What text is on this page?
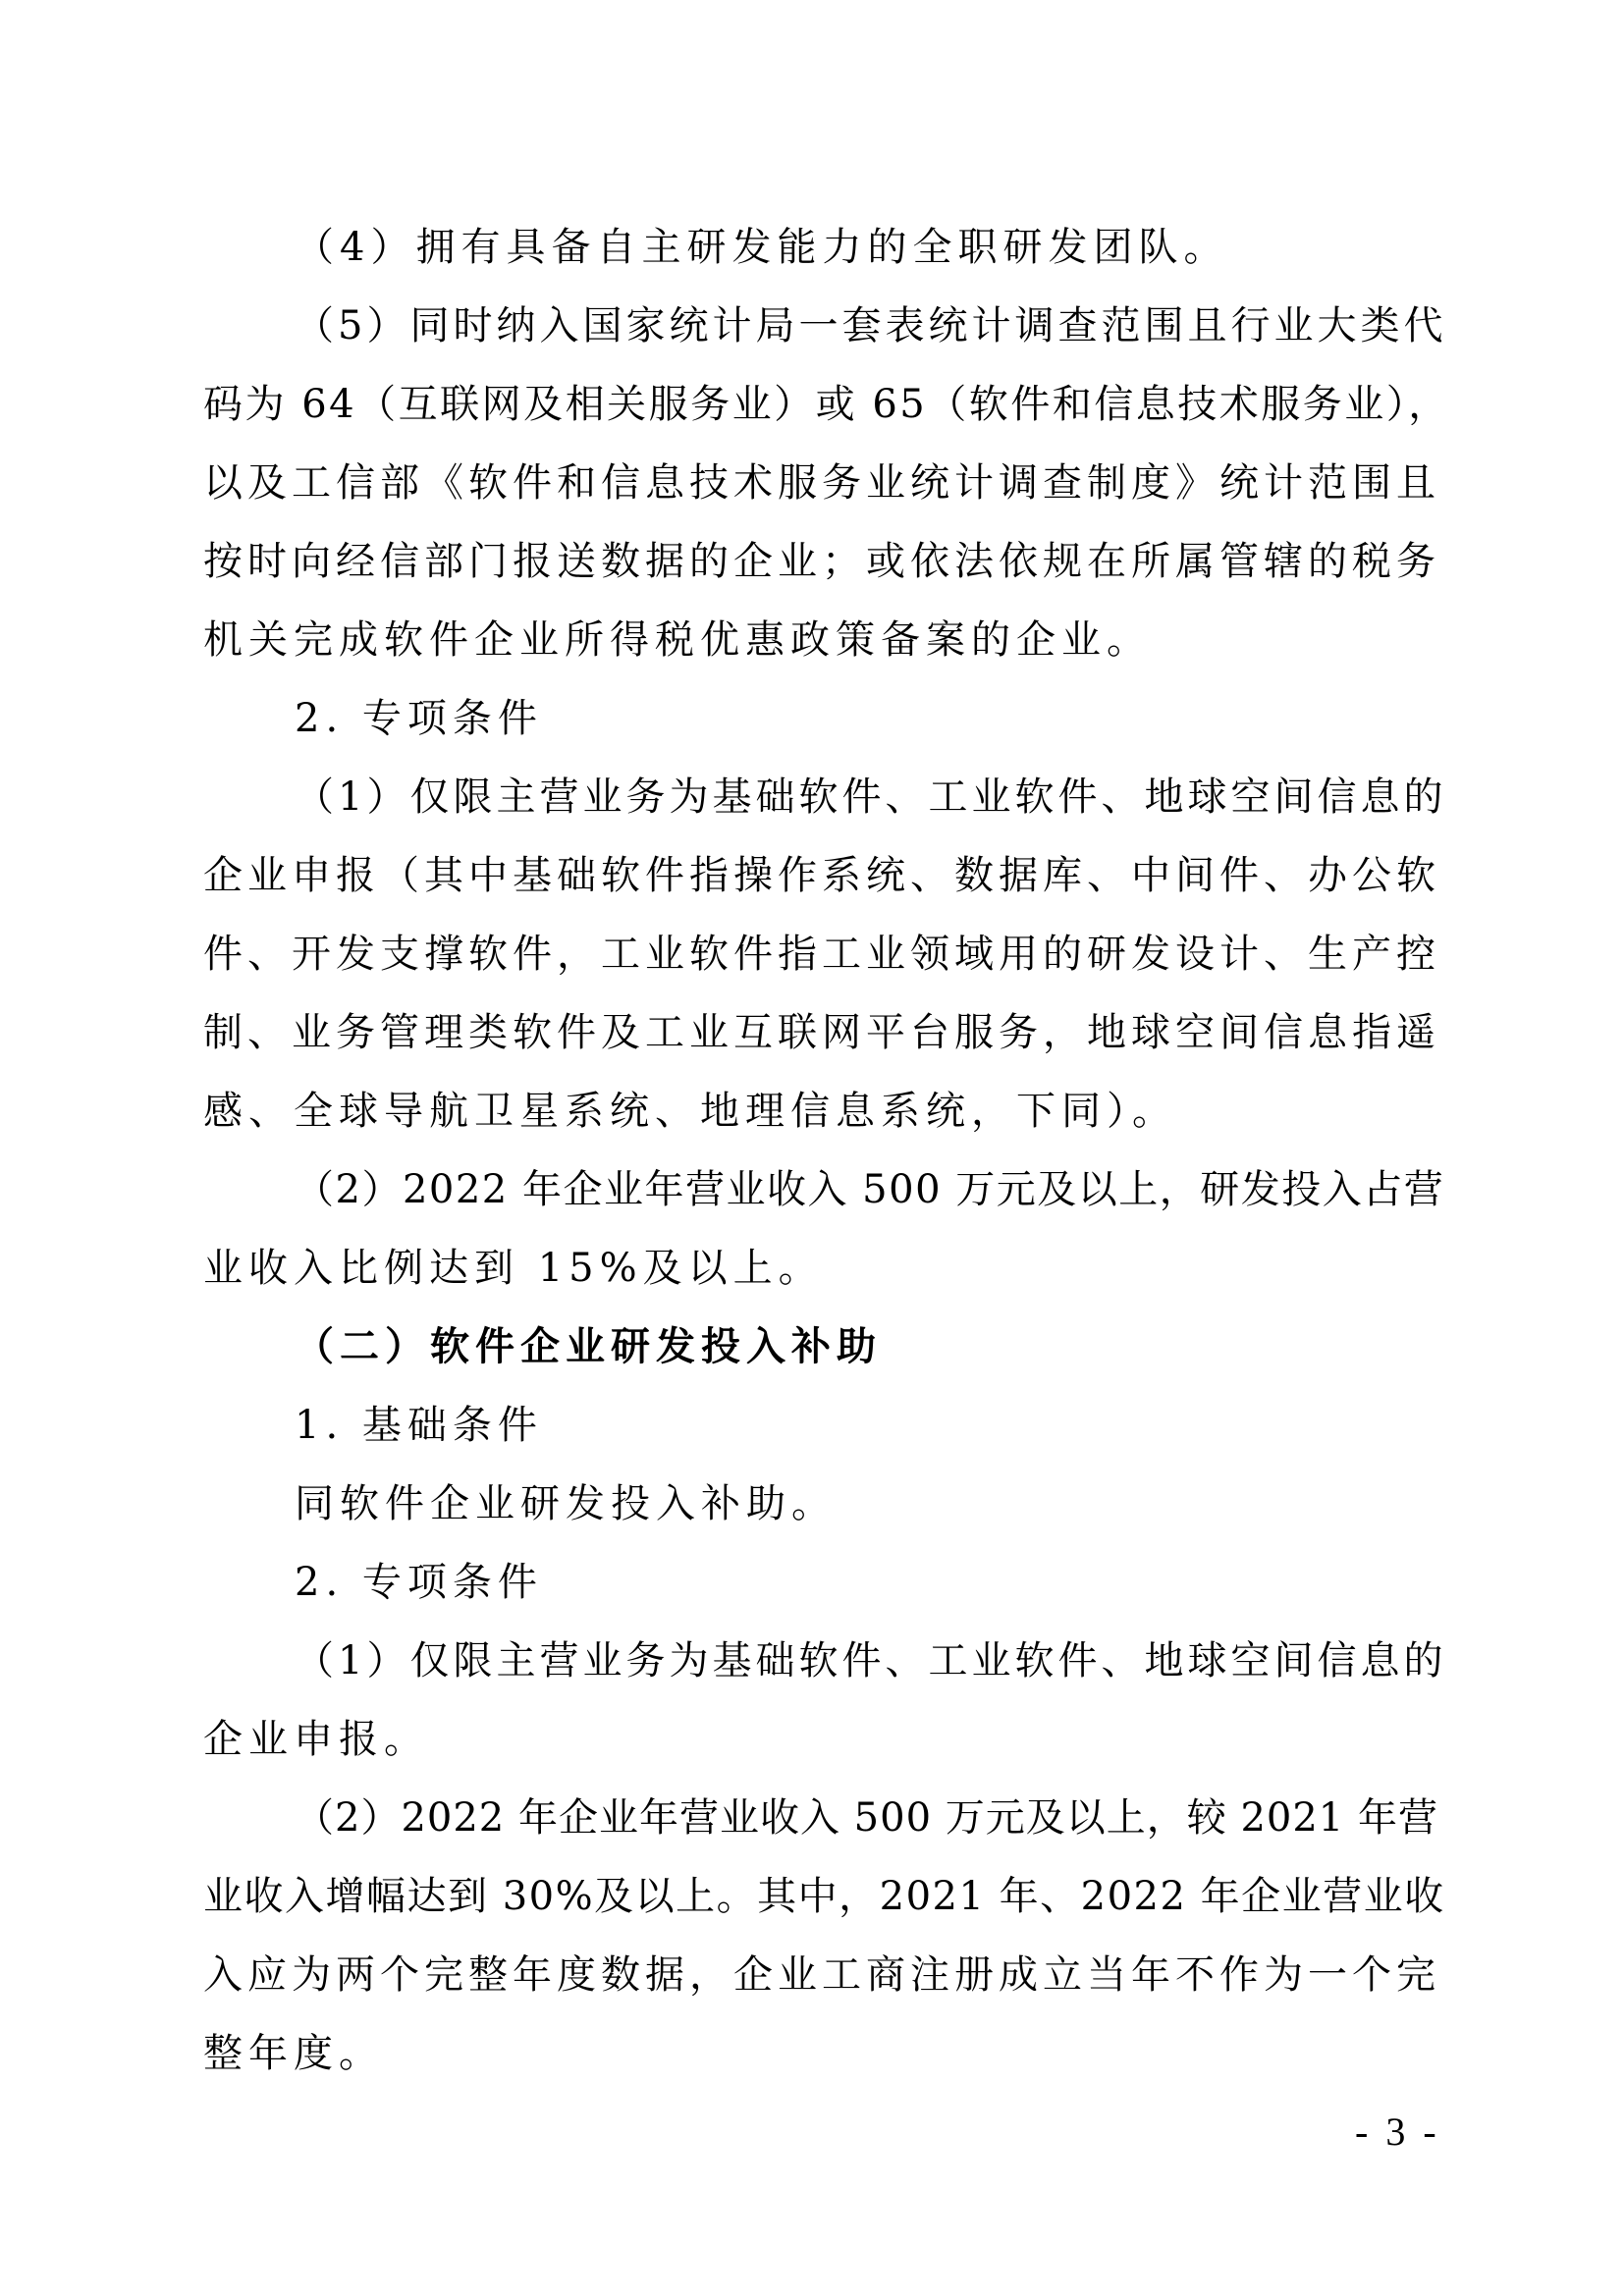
（4）拥有具备自主研发能力的全职研发团队。
（5）同时纳入国家统计局一套表统计调查范围且行业大类代
码为 64（互联网及相关服务业）或 65（软件和信息技术服务业），
以及工信部《软件和信息技术服务业统计调查制度》统计范围且
按时向经信部门报送数据的企业；或依法依规在所属管辖的税务
机关完成软件企业所得税优惠政策备案的企业。
2. 专项条件
（1）仅限主营业务为基础软件、工业软件、地球空间信息的
企业申报（其中基础软件指操作系统、数据库、中间件、办公软
件、开发支撑软件，工业软件指工业领域用的研发设计、生产控
制、业务管理类软件及工业互联网平台服务，地球空间信息指遥
感、全球导航卫星系统、地理信息系统，下同）。
（2）2022 年企业年营业收入 500 万元及以上，研发投入占营
业收入比例达到 15%及以上。
（二）软件企业研发投入补助
1. 基础条件
同软件企业研发投入补助。
2. 专项条件
（1）仅限主营业务为基础软件、工业软件、地球空间信息的
企业申报。
（2）2022 年企业年营业收入 500 万元及以上，较 2021 年营
业收入增幅达到 30%及以上。其中，2021 年、2022 年企业营业收
入应为两个完整年度数据，企业工商注册成立当年不作为一个完
整年度。
- 3 -
